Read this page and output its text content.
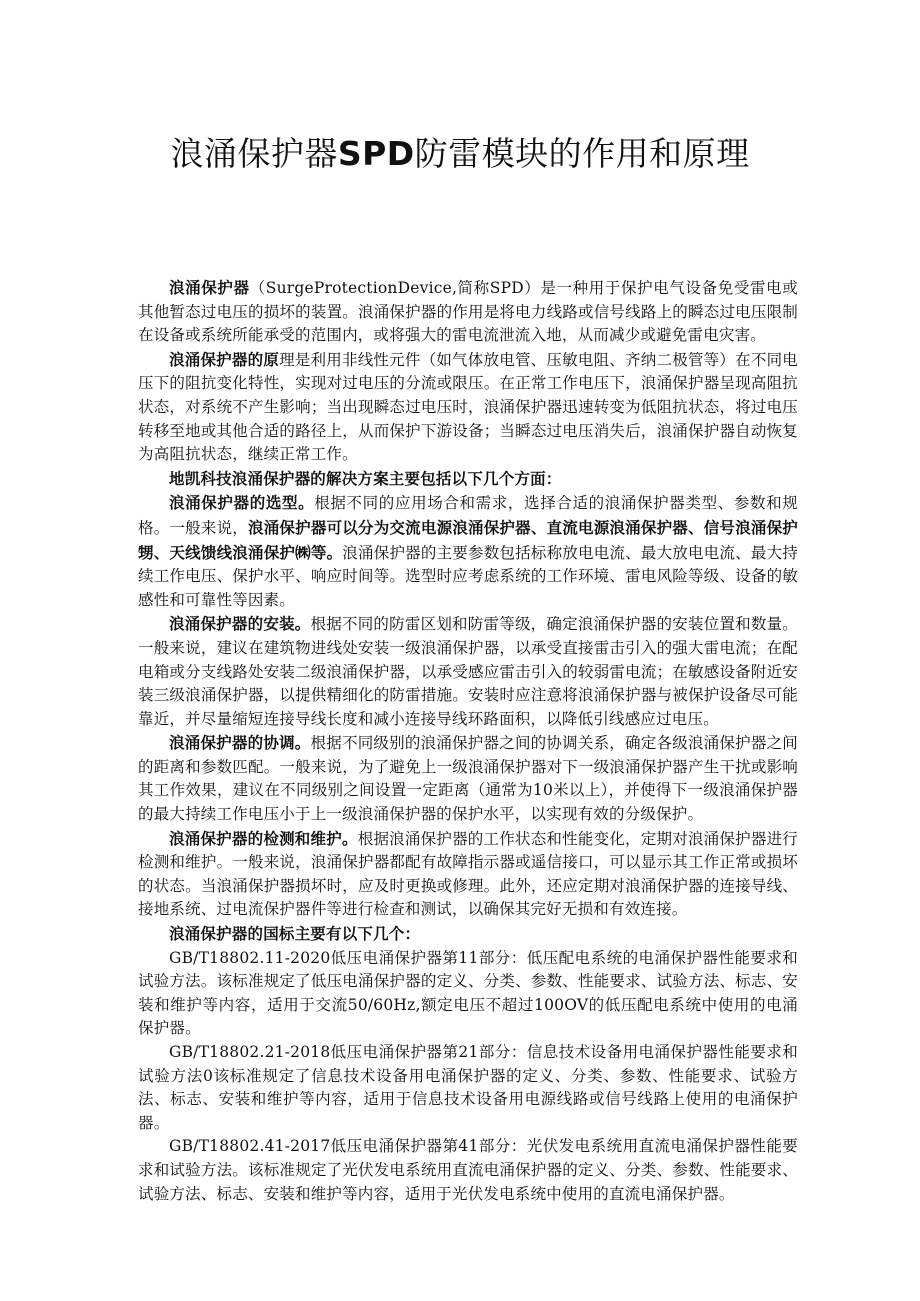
浪涌保护器SPD防雷模块的作用和原理

浪涌保护器（SurgeProtectionDevice,简称SPD）是一种用于保护电气设备免受雷电或其他暂态过电压的损坏的装置。浪涌保护器的作用是将电力线路或信号线路上的瞬态过电压限制在设备或系统所能承受的范围内，或将强大的雷电流泄流入地，从而减少或避免雷电灾害。

浪涌保护器的原理是利用非线性元件（如气体放电管、压敏电阻、齐纳二极管等）在不同电压下的阻抗变化特性，实现对过电压的分流或限压。在正常工作电压下，浪涌保护器呈现高阻抗状态，对系统不产生影响；当出现瞬态过电压时，浪涌保护器迅速转变为低阻抗状态，将过电压转移至地或其他合适的路径上，从而保护下游设备；当瞬态过电压消失后，浪涌保护器自动恢复为高阻抗状态，继续正常工作。

地凯科技浪涌保护器的解决方案主要包括以下几个方面：

浪涌保护器的选型。根据不同的应用场合和需求，选择合适的浪涌保护器类型、参数和规格。一般来说，浪涌保护器可以分为交流电源浪涌保护器、直流电源浪涌保护器、信号浪涌保护甥、天线馈线浪涌保护㈱等。浪涌保护器的主要参数包括标称放电电流、最大放电电流、最大持续工作电压、保护水平、响应时间等。选型时应考虑系统的工作环境、雷电风险等级、设备的敏感性和可靠性等因素。

浪涌保护器的安装。根据不同的防雷区划和防雷等级，确定浪涌保护器的安装位置和数量。一般来说，建议在建筑物进线处安装一级浪涌保护器，以承受直接雷击引入的强大雷电流；在配电箱或分支线路处安装二级浪涌保护器，以承受感应雷击引入的较弱雷电流；在敏感设备附近安装三级浪涌保护器，以提供精细化的防雷措施。安装时应注意将浪涌保护器与被保护设备尽可能靠近，并尽量缩短连接导线长度和减小连接导线环路面积，以降低引线感应过电压。

浪涌保护器的协调。根据不同级别的浪涌保护器之间的协调关系，确定各级浪涌保护器之间的距离和参数匹配。一般来说，为了避免上一级浪涌保护器对下一级浪涌保护器产生干扰或影响其工作效果，建议在不同级别之间设置一定距离（通常为10米以上），并使得下一级浪涌保护器的最大持续工作电压小于上一级浪涌保护器的保护水平，以实现有效的分级保护。

浪涌保护器的检测和维护。根据浪涌保护器的工作状态和性能变化，定期对浪涌保护器进行检测和维护。一般来说，浪涌保护器都配有故障指示器或遥信接口，可以显示其工作正常或损坏的状态。当浪涌保护器损坏时，应及时更换或修理。此外，还应定期对浪涌保护器的连接导线、接地系统、过电流保护器件等进行检查和测试，以确保其完好无损和有效连接。

浪涌保护器的国标主要有以下几个：

GB/T18802.11-2020低压电涌保护器第11部分：低压配电系统的电涌保护器性能要求和试验方法。该标准规定了低压电涌保护器的定义、分类、参数、性能要求、试验方法、标志、安装和维护等内容，适用于交流50/60Hz,额定电压不超过100OV的低压配电系统中使用的电涌保护器。

GB/T18802.21-2018低压电涌保护器第21部分：信息技术设备用电涌保护器性能要求和试验方法0该标准规定了信息技术设备用电涌保护器的定义、分类、参数、性能要求、试验方法、标志、安装和维护等内容，适用于信息技术设备用电源线路或信号线路上使用的电涌保护器。

GB/T18802.41-2017低压电涌保护器第41部分：光伏发电系统用直流电涌保护器性能要求和试验方法。该标准规定了光伏发电系统用直流电涌保护器的定义、分类、参数、性能要求、试验方法、标志、安装和维护等内容，适用于光伏发电系统中使用的直流电涌保护器。
